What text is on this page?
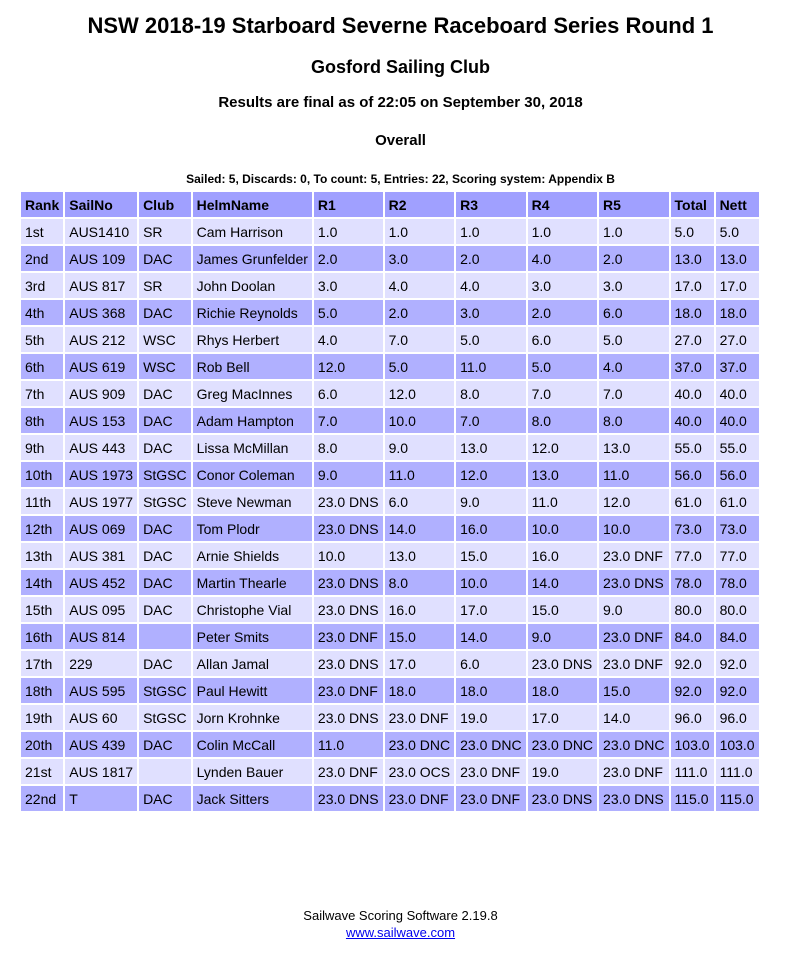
NSW 2018-19 Starboard Severne Raceboard Series Round 1
Gosford Sailing Club
Results are final as of 22:05 on September 30, 2018
Overall
Sailed: 5, Discards: 0, To count: 5, Entries: 22, Scoring system: Appendix B
Rank	SailNo	Club	HelmName	R1	R2	R3	R4	R5	Total	Nett
1st	AUS1410	SR	Cam Harrison	1.0	1.0	1.0	1.0	1.0	5.0	5.0
2nd	AUS 109	DAC	James Grunfelder	2.0	3.0	2.0	4.0	2.0	13.0	13.0
3rd	AUS 817	SR	John Doolan	3.0	4.0	4.0	3.0	3.0	17.0	17.0
4th	AUS 368	DAC	Richie Reynolds	5.0	2.0	3.0	2.0	6.0	18.0	18.0
5th	AUS 212	WSC	Rhys Herbert	4.0	7.0	5.0	6.0	5.0	27.0	27.0
6th	AUS 619	WSC	Rob Bell	12.0	5.0	11.0	5.0	4.0	37.0	37.0
7th	AUS 909	DAC	Greg MacInnes	6.0	12.0	8.0	7.0	7.0	40.0	40.0
8th	AUS 153	DAC	Adam Hampton	7.0	10.0	7.0	8.0	8.0	40.0	40.0
9th	AUS 443	DAC	Lissa McMillan	8.0	9.0	13.0	12.0	13.0	55.0	55.0
10th	AUS 1973	StGSC	Conor Coleman	9.0	11.0	12.0	13.0	11.0	56.0	56.0
11th	AUS 1977	StGSC	Steve Newman	23.0 DNS	6.0	9.0	11.0	12.0	61.0	61.0
12th	AUS 069	DAC	Tom Plodr	23.0 DNS	14.0	16.0	10.0	10.0	73.0	73.0
13th	AUS 381	DAC	Arnie Shields	10.0	13.0	15.0	16.0	23.0 DNF	77.0	77.0
14th	AUS 452	DAC	Martin Thearle	23.0 DNS	8.0	10.0	14.0	23.0 DNS	78.0	78.0
15th	AUS 095	DAC	Christophe Vial	23.0 DNS	16.0	17.0	15.0	9.0	80.0	80.0
16th	AUS 814		Peter Smits	23.0 DNF	15.0	14.0	9.0	23.0 DNF	84.0	84.0
17th	229	DAC	Allan Jamal	23.0 DNS	17.0	6.0	23.0 DNS	23.0 DNF	92.0	92.0
18th	AUS 595	StGSC	Paul Hewitt	23.0 DNF	18.0	18.0	18.0	15.0	92.0	92.0
19th	AUS 60	StGSC	Jorn Krohnke	23.0 DNS	23.0 DNF	19.0	17.0	14.0	96.0	96.0
20th	AUS 439	DAC	Colin McCall	11.0	23.0 DNC	23.0 DNC	23.0 DNC	23.0 DNC	103.0	103.0
21st	AUS 1817		Lynden Bauer	23.0 DNF	23.0 OCS	23.0 DNF	19.0	23.0 DNF	111.0	111.0
22nd	T	DAC	Jack Sitters	23.0 DNS	23.0 DNF	23.0 DNF	23.0 DNS	23.0 DNS	115.0	115.0
Sailwave Scoring Software 2.19.8
www.sailwave.com
